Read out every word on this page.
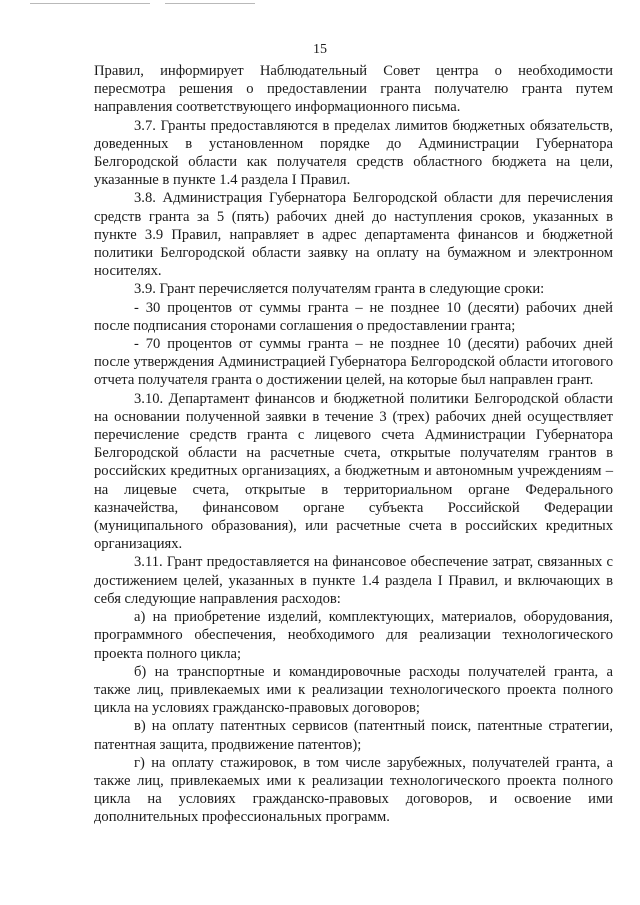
15

Правил, информирует Наблюдательный Совет центра о необходимости пересмотра решения о предоставлении гранта получателю гранта путем направления соответствующего информационного письма.

3.7. Гранты предоставляются в пределах лимитов бюджетных обязательств, доведенных в установленном порядке до Администрации Губернатора Белгородской области как получателя средств областного бюджета на цели, указанные в пункте 1.4 раздела I Правил.

3.8. Администрация Губернатора Белгородской области для перечисления средств гранта за 5 (пять) рабочих дней до наступления сроков, указанных в пункте 3.9 Правил, направляет в адрес департамента финансов и бюджетной политики Белгородской области заявку на оплату на бумажном и электронном носителях.

3.9. Грант перечисляется получателям гранта в следующие сроки:

- 30 процентов от суммы гранта – не позднее 10 (десяти) рабочих дней после подписания сторонами соглашения о предоставлении гранта;

- 70 процентов от суммы гранта – не позднее 10 (десяти) рабочих дней после утверждения Администрацией Губернатора Белгородской области итогового отчета получателя гранта о достижении целей, на которые был направлен грант.

3.10. Департамент финансов и бюджетной политики Белгородской области на основании полученной заявки в течение 3 (трех) рабочих дней осуществляет перечисление средств гранта с лицевого счета Администрации Губернатора Белгородской области на расчетные счета, открытые получателям грантов в российских кредитных организациях, а бюджетным и автономным учреждениям – на лицевые счета, открытые в территориальном органе Федерального казначейства, финансовом органе субъекта Российской Федерации (муниципального образования), или расчетные счета в российских кредитных организациях.

3.11. Грант предоставляется на финансовое обеспечение затрат, связанных с достижением целей, указанных в пункте 1.4 раздела I Правил, и включающих в себя следующие направления расходов:

а) на приобретение изделий, комплектующих, материалов, оборудования, программного обеспечения, необходимого для реализации технологического проекта полного цикла;

б) на транспортные и командировочные расходы получателей гранта, а также лиц, привлекаемых ими к реализации технологического проекта полного цикла на условиях гражданско-правовых договоров;

в) на оплату патентных сервисов (патентный поиск, патентные стратегии, патентная защита, продвижение патентов);

г) на оплату стажировок, в том числе зарубежных, получателей гранта, а также лиц, привлекаемых ими к реализации технологического проекта полного цикла на условиях гражданско-правовых договоров, и освоение ими дополнительных профессиональных программ.
